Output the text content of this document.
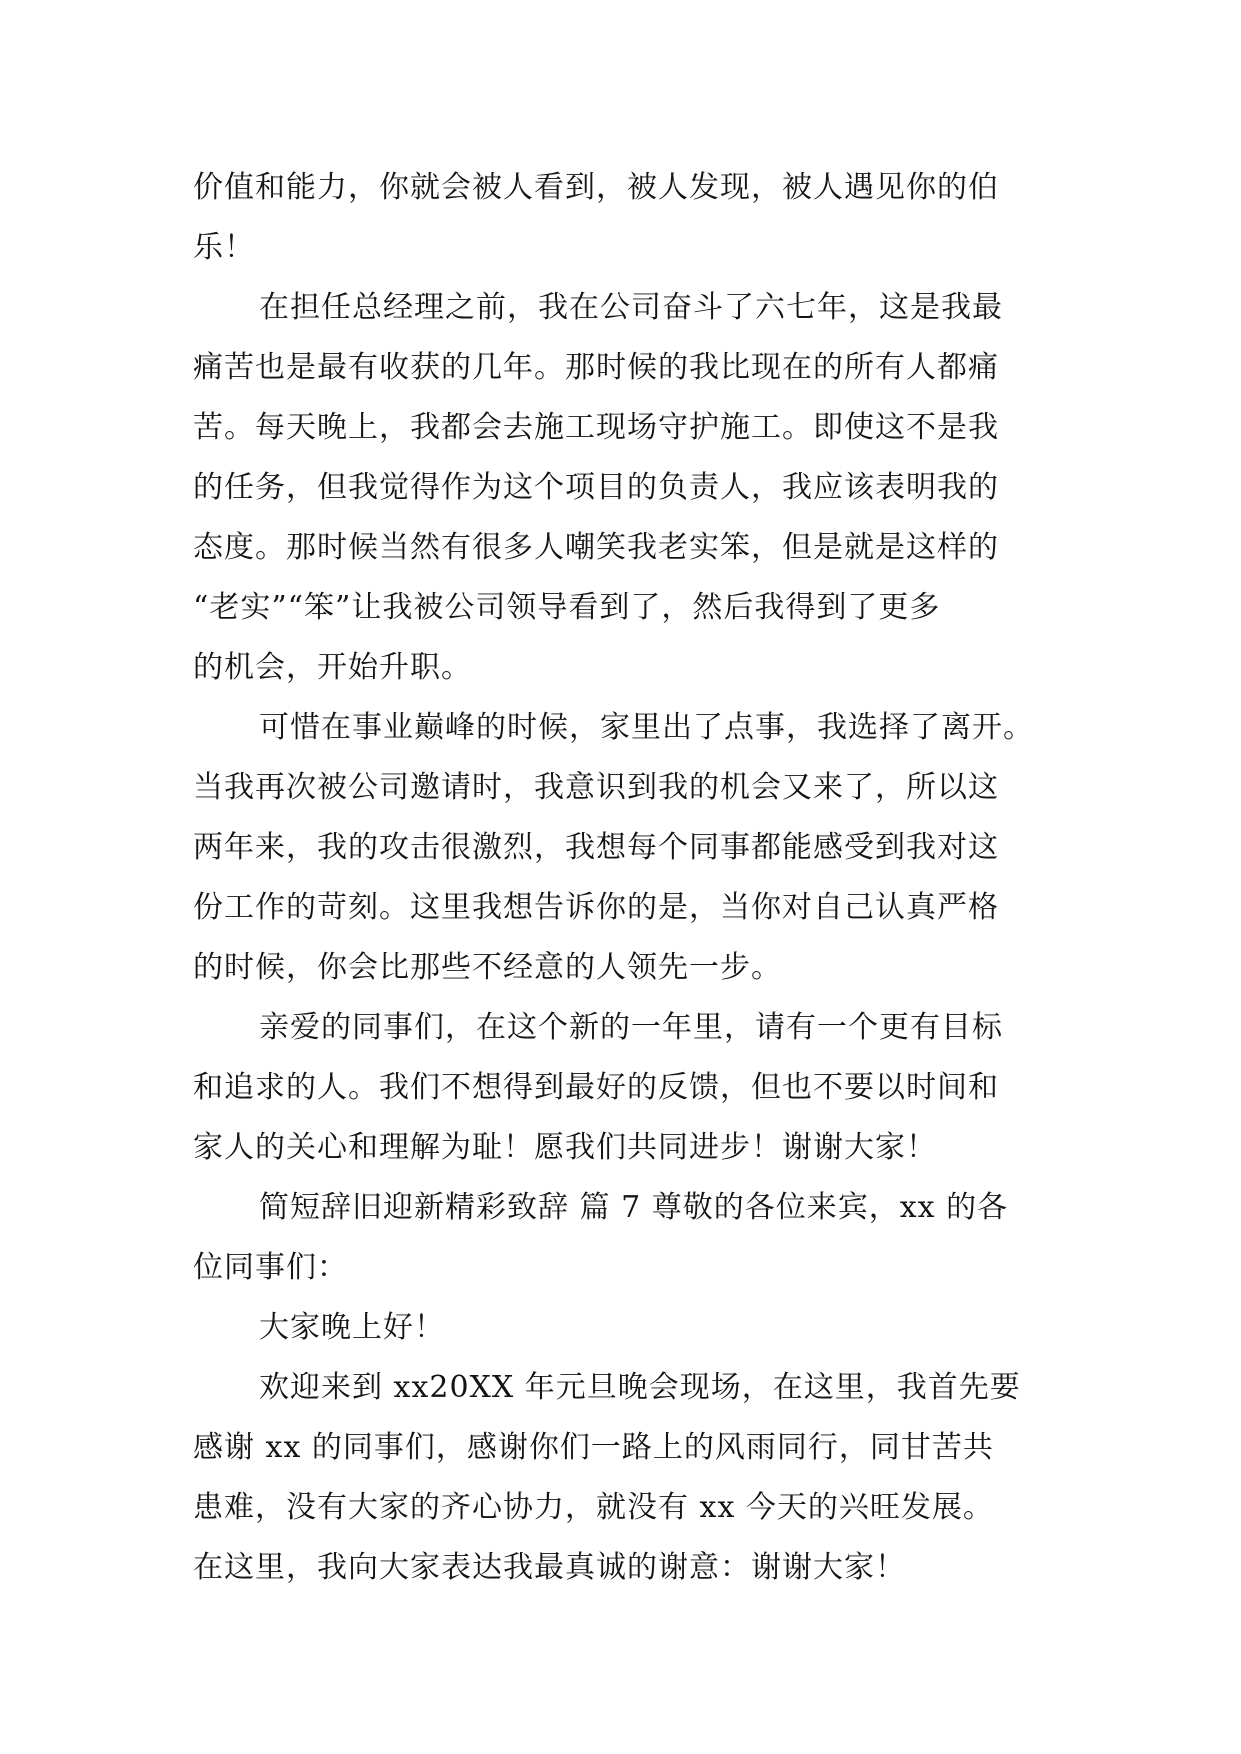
价值和能力，你就会被人看到，被人发现，被人遇见你的伯
乐！
在担任总经理之前，我在公司奋斗了六七年，这是我最
痛苦也是最有收获的几年。那时候的我比现在的所有人都痛
苦。每天晚上，我都会去施工现场守护施工。即使这不是我
的任务，但我觉得作为这个项目的负责人，我应该表明我的
态度。那时候当然有很多人嘲笑我老实笨，但是就是这样的
“老实”“笨”让我被公司领导看到了，然后我得到了更多
的机会，开始升职。
可惜在事业巅峰的时候，家里出了点事，我选择了离开。
当我再次被公司邀请时，我意识到我的机会又来了，所以这
两年来，我的攻击很激烈，我想每个同事都能感受到我对这
份工作的苛刻。这里我想告诉你的是，当你对自己认真严格
的时候，你会比那些不经意的人领先一步。
亲爱的同事们，在这个新的一年里，请有一个更有目标
和追求的人。我们不想得到最好的反馈，但也不要以时间和
家人的关心和理解为耻！愿我们共同进步！谢谢大家！
简短辞旧迎新精彩致辞 篇 7 尊敬的各位来宾，xx 的各
位同事们：
大家晚上好！
欢迎来到 xx20XX 年元旦晚会现场，在这里，我首先要
感谢 xx 的同事们，感谢你们一路上的风雨同行，同甘苦共
患难，没有大家的齐心协力，就没有 xx 今天的兴旺发展。
在这里，我向大家表达我最真诚的谢意：谢谢大家！
